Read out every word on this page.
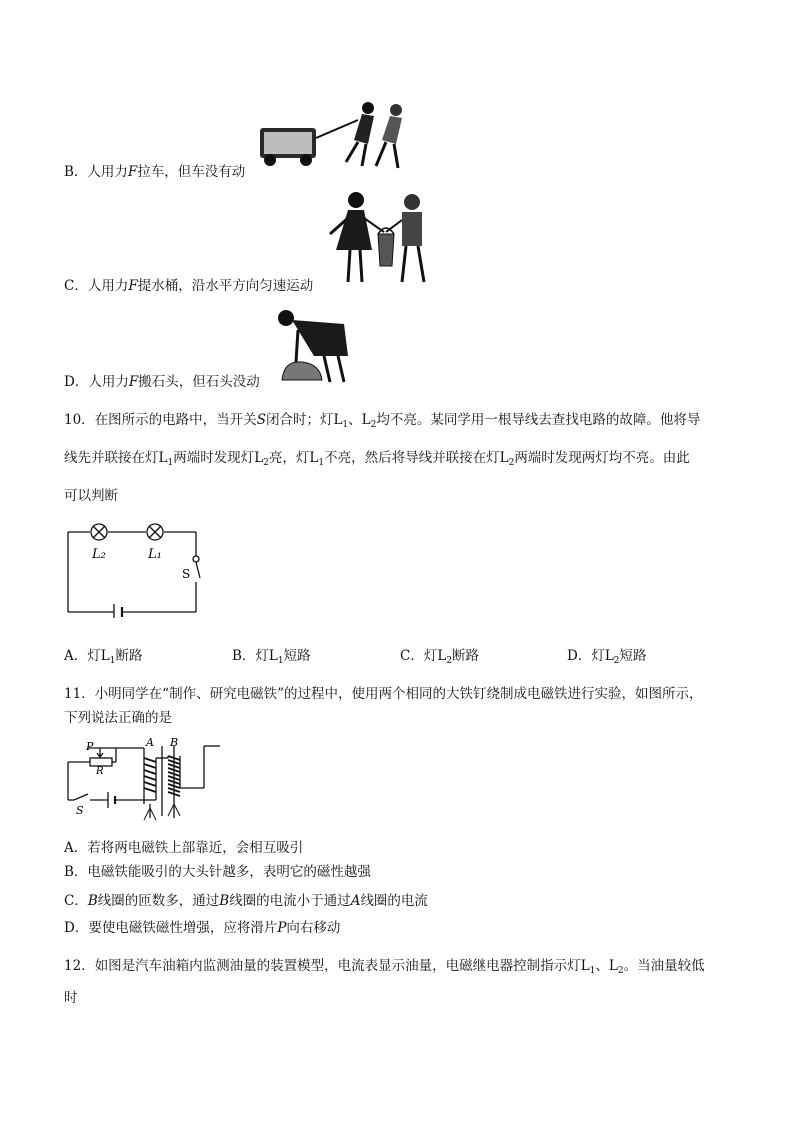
B．人用力F拉车，但车没有动
C．人用力F提水桶，沿水平方向匀速运动
D．人用力F搬石头，但石头没动
10．在图所示的电路中，当开关S闭合时；灯$L_1$、$L_2$均不亮。某同学用一根导线去查找电路的故障。他将导
线先并联接在灯$L_1$两端时发现灯$L_2$亮，灯$L_1$不亮，然后将导线并联接在灯$L_2$两端时发现两灯均不亮。由此
可以判断
L₂	L₁
S
A．灯$L_1$断路	B．灯$L_1$短路	C．灯$L_2$断路	D．灯$L_2$短路
11．小明同学在“制作、研究电磁铁”的过程中，使用两个相同的大铁钉绕制成电磁铁进行实验，如图所示，
下列说法正确的是
P
R
A B
S
A．若将两电磁铁上部靠近，会相互吸引
B．电磁铁能吸引的大头针越多，表明它的磁性越强
C．B线圈的匝数多，通过B线圈的电流小于通过A线圈的电流
D．要使电磁铁磁性增强，应将滑片P向右移动
12．如图是汽车油箱内监测油量的装置模型，电流表显示油量，电磁继电器控制指示灯$L_1$、$L_2$。当油量较低
时
